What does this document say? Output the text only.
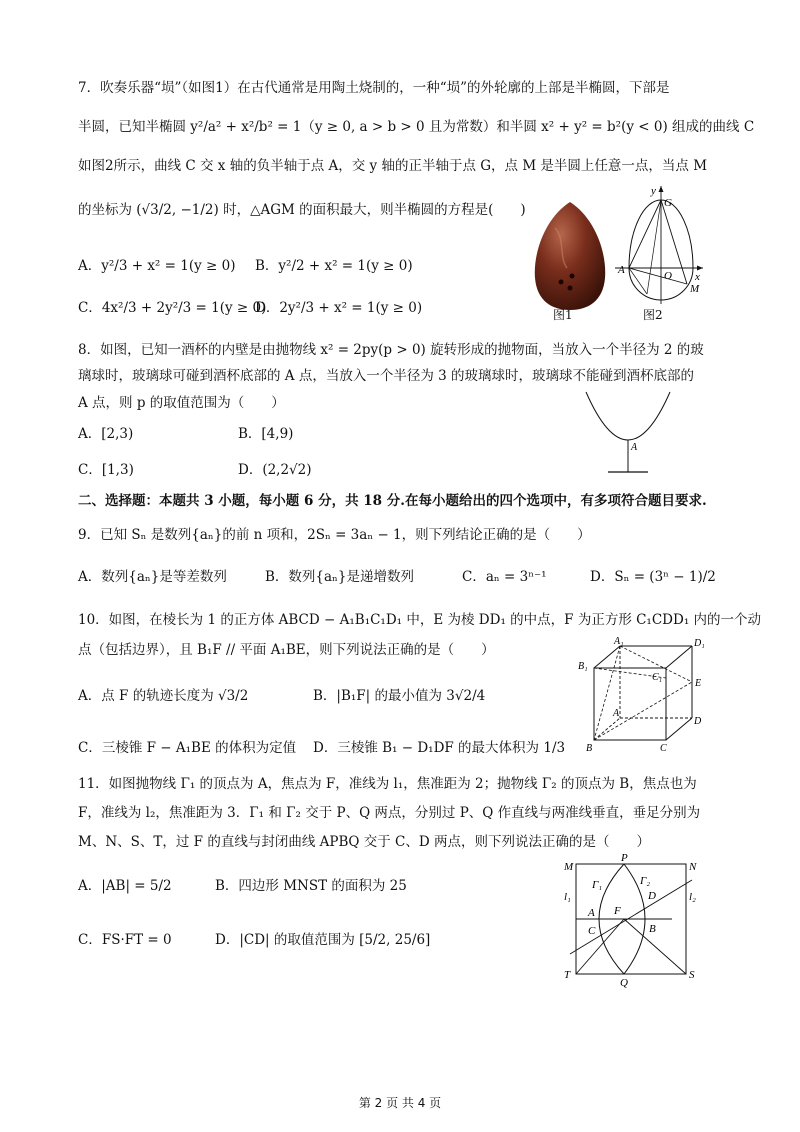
7．吹奏乐器“埙”（如图1）在古代通常是用陶土烧制的，一种“埙”的外轮廓的上部是半椭圆，下部是
半圆，已知半椭圆 y²/a² + x²/b² = 1（y ≥ 0, a > b > 0 且为常数）和半圆 x² + y² = b²(y < 0) 组成的曲线 C
如图2所示，曲线 C 交 x 轴的负半轴于点 A，交 y 轴的正半轴于点 G，点 M 是半圆上任意一点，当点 M
的坐标为 (√3/2, −1/2) 时，△AGM 的面积最大，则半椭圆的方程是(　　)
A．y²/3 + x² = 1(y ≥ 0) B．y²/2 + x² = 1(y ≥ 0)
C．4x²/3 + 2y²/3 = 1(y ≥ 0)
D．2y²/3 + x² = 1(y ≥ 0)	图1
G
A	O
M
x
y
图2
8．如图，已知一酒杯的内壁是由抛物线 x² = 2py(p > 0) 旋转形成的抛物面，当放入一个半径为 2 的玻
璃球时，玻璃球可碰到酒杯底部的 A 点，当放入一个半径为 3 的玻璃球时，玻璃球不能碰到酒杯底部的
A 点，则 p 的取值范围为（　　）
A．[2,3)	B．[4,9)
C．[1,3)	D．(2,2√2)
A
二、选择题：本题共 3 小题，每小题 6 分，共 18 分.在每小题给出的四个选项中，有多项符合题目要求.
9．已知 Sₙ 是数列{aₙ}的前 n 项和，2Sₙ = 3aₙ − 1，则下列结论正确的是（　　）
A．数列{aₙ}是等差数列	B．数列{aₙ}是递增数列	C．aₙ = 3ⁿ⁻¹	D．Sₙ = (3ⁿ − 1)/2
10．如图，在棱长为 1 的正方体 ABCD − A₁B₁C₁D₁ 中，E 为棱 DD₁ 的中点，F 为正方形 C₁CDD₁ 内的一个动
点（包括边界），且 B₁F // 平面 A₁BE，则下列说法正确的是（　　）
A．点 F 的轨迹长度为 √3/2	B．|B₁F| 的最小值为 3√2/4
C．三棱锥 F − A₁BE 的体积为定值 D．三棱锥 B₁ − D₁DF 的最大体积为 1/3
A₁	D₁
B₁
C₁
E
A
D
B	C
11．如图抛物线 Γ₁ 的顶点为 A，焦点为 F，准线为 l₁，焦准距为 2；抛物线 Γ₂ 的顶点为 B，焦点也为
F，准线为 l₂，焦准距为 3．Γ₁ 和 Γ₂ 交于 P、Q 两点，分别过 P、Q 作直线与两准线垂直，垂足分别为
M、N、S、T，过 F 的直线与封闭曲线 APBQ 交于 C、D 两点，则下列说法正确的是（　　）
A．|AB| = 5/2	B．四边形 MNST 的面积为 25
C．FS·FT = 0	D．|CD| 的取值范围为 [5/2, 25/6]
M
P
N
Γ₁	Γ₂
D
l₁	l₂
A F
C	B
T
Q
S
第 2 页 共 4 页
